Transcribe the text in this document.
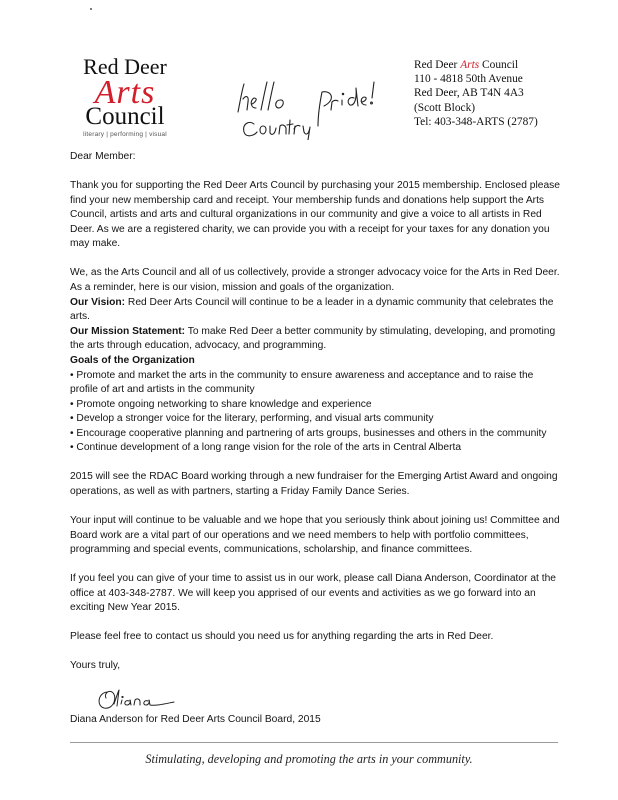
Red Deer
Arts
Council
literary | performing | visual
Red Deer Arts Council
110 - 4818 50th Avenue
Red Deer, AB T4N 4A3
(Scott Block)
Tel: 403-348-ARTS (2787)

Dear Member:

Thank you for supporting the Red Deer Arts Council by purchasing your 2015 membership. Enclosed please find your new membership card and receipt. Your membership funds and donations help support the Arts Council, artists and arts and cultural organizations in our community and give a voice to all artists in Red Deer. As we are a registered charity, we can provide you with a receipt for your taxes for any donation you may make.

We, as the Arts Council and all of us collectively, provide a stronger advocacy voice for the Arts in Red Deer. As a reminder, here is our vision, mission and goals of the organization.

Our Vision: Red Deer Arts Council will continue to be a leader in a dynamic community that celebrates the arts.

Our Mission Statement: To make Red Deer a better community by stimulating, developing, and promoting the arts through education, advocacy, and programming.

Goals of the Organization

• Promote and market the arts in the community to ensure awareness and acceptance and to raise the profile of art and artists in the community

• Promote ongoing networking to share knowledge and experience

• Develop a stronger voice for the literary, performing, and visual arts community

• Encourage cooperative planning and partnering of arts groups, businesses and others in the community

• Continue development of a long range vision for the role of the arts in Central Alberta

2015 will see the RDAC Board working through a new fundraiser for the Emerging Artist Award and ongoing operations, as well as with partners, starting a Friday Family Dance Series.

Your input will continue to be valuable and we hope that you seriously think about joining us! Committee and Board work are a vital part of our operations and we need members to help with portfolio committees, programming and special events, communications, scholarship, and finance committees.

If you feel you can give of your time to assist us in our work, please call Diana Anderson, Coordinator at the office at 403-348-2787. We will keep you apprised of our events and activities as we go forward into an exciting New Year 2015.

Please feel free to contact us should you need us for anything regarding the arts in Red Deer.

Yours truly,

Diana Anderson for Red Deer Arts Council Board, 2015
Stimulating, developing and promoting the arts in your community.
